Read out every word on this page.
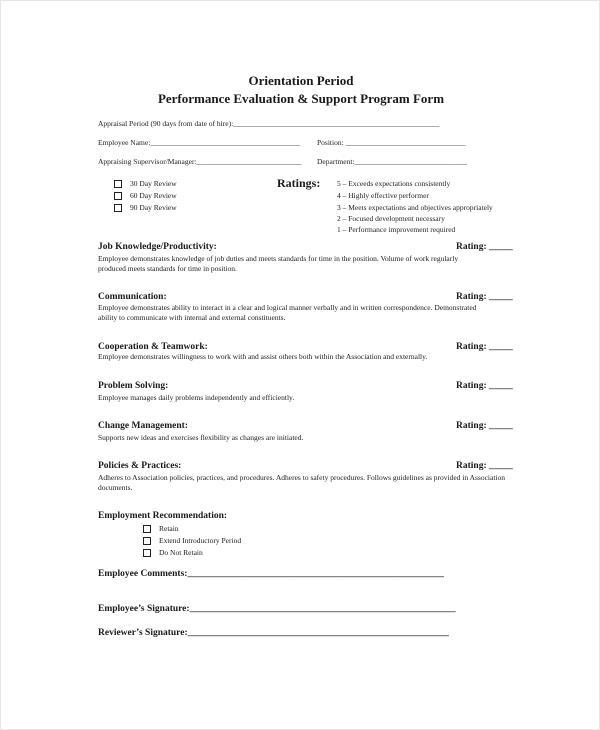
Orientation Period
Performance Evaluation & Support Program Form
Appraisal Period (90 days from date of hire):_______________________________________________________
Employee Name:________________________________________ Position: ________________________________
Appraising Supervisor/Manager:____________________________ Department:______________________________
30 Day Review
60 Day Review
90 Day Review
Ratings: 5 – Exceeds expectations consistently
4 – Highly effective performer
3 – Meets expectations and objectives appropriately
2 – Focused development necessary
1 – Performance improvement required
Job Knowledge/Productivity:	Rating: _____
Employee demonstrates knowledge of job duties and meets standards for time in the position. Volume of work regularly produced meets standards for time in position.
Communication:	Rating: _____
Employee demonstrates ability to interact in a clear and logical manner verbally and in written correspondence. Demonstrated ability to communicate with internal and external constituents.
Cooperation & Teamwork:	Rating: _____
Employee demonstrates willingness to work with and assist others both within the Association and externally.
Problem Solving:	Rating: _____
Employee manages daily problems independently and efficiently.
Change Management:	Rating: _____
Supports new ideas and exercises flexibility as changes are initiated.
Policies & Practices:	Rating: _____
Adheres to Association policies, practices, and procedures. Adheres to safety procedures. Follows guidelines as provided in Association documents.
Employment Recommendation:
Retain
Extend Introductory Period
Do Not Retain
Employee Comments:______________________________________________________
Employee’s Signature:________________________________________________________
Reviewer’s Signature:_______________________________________________________
